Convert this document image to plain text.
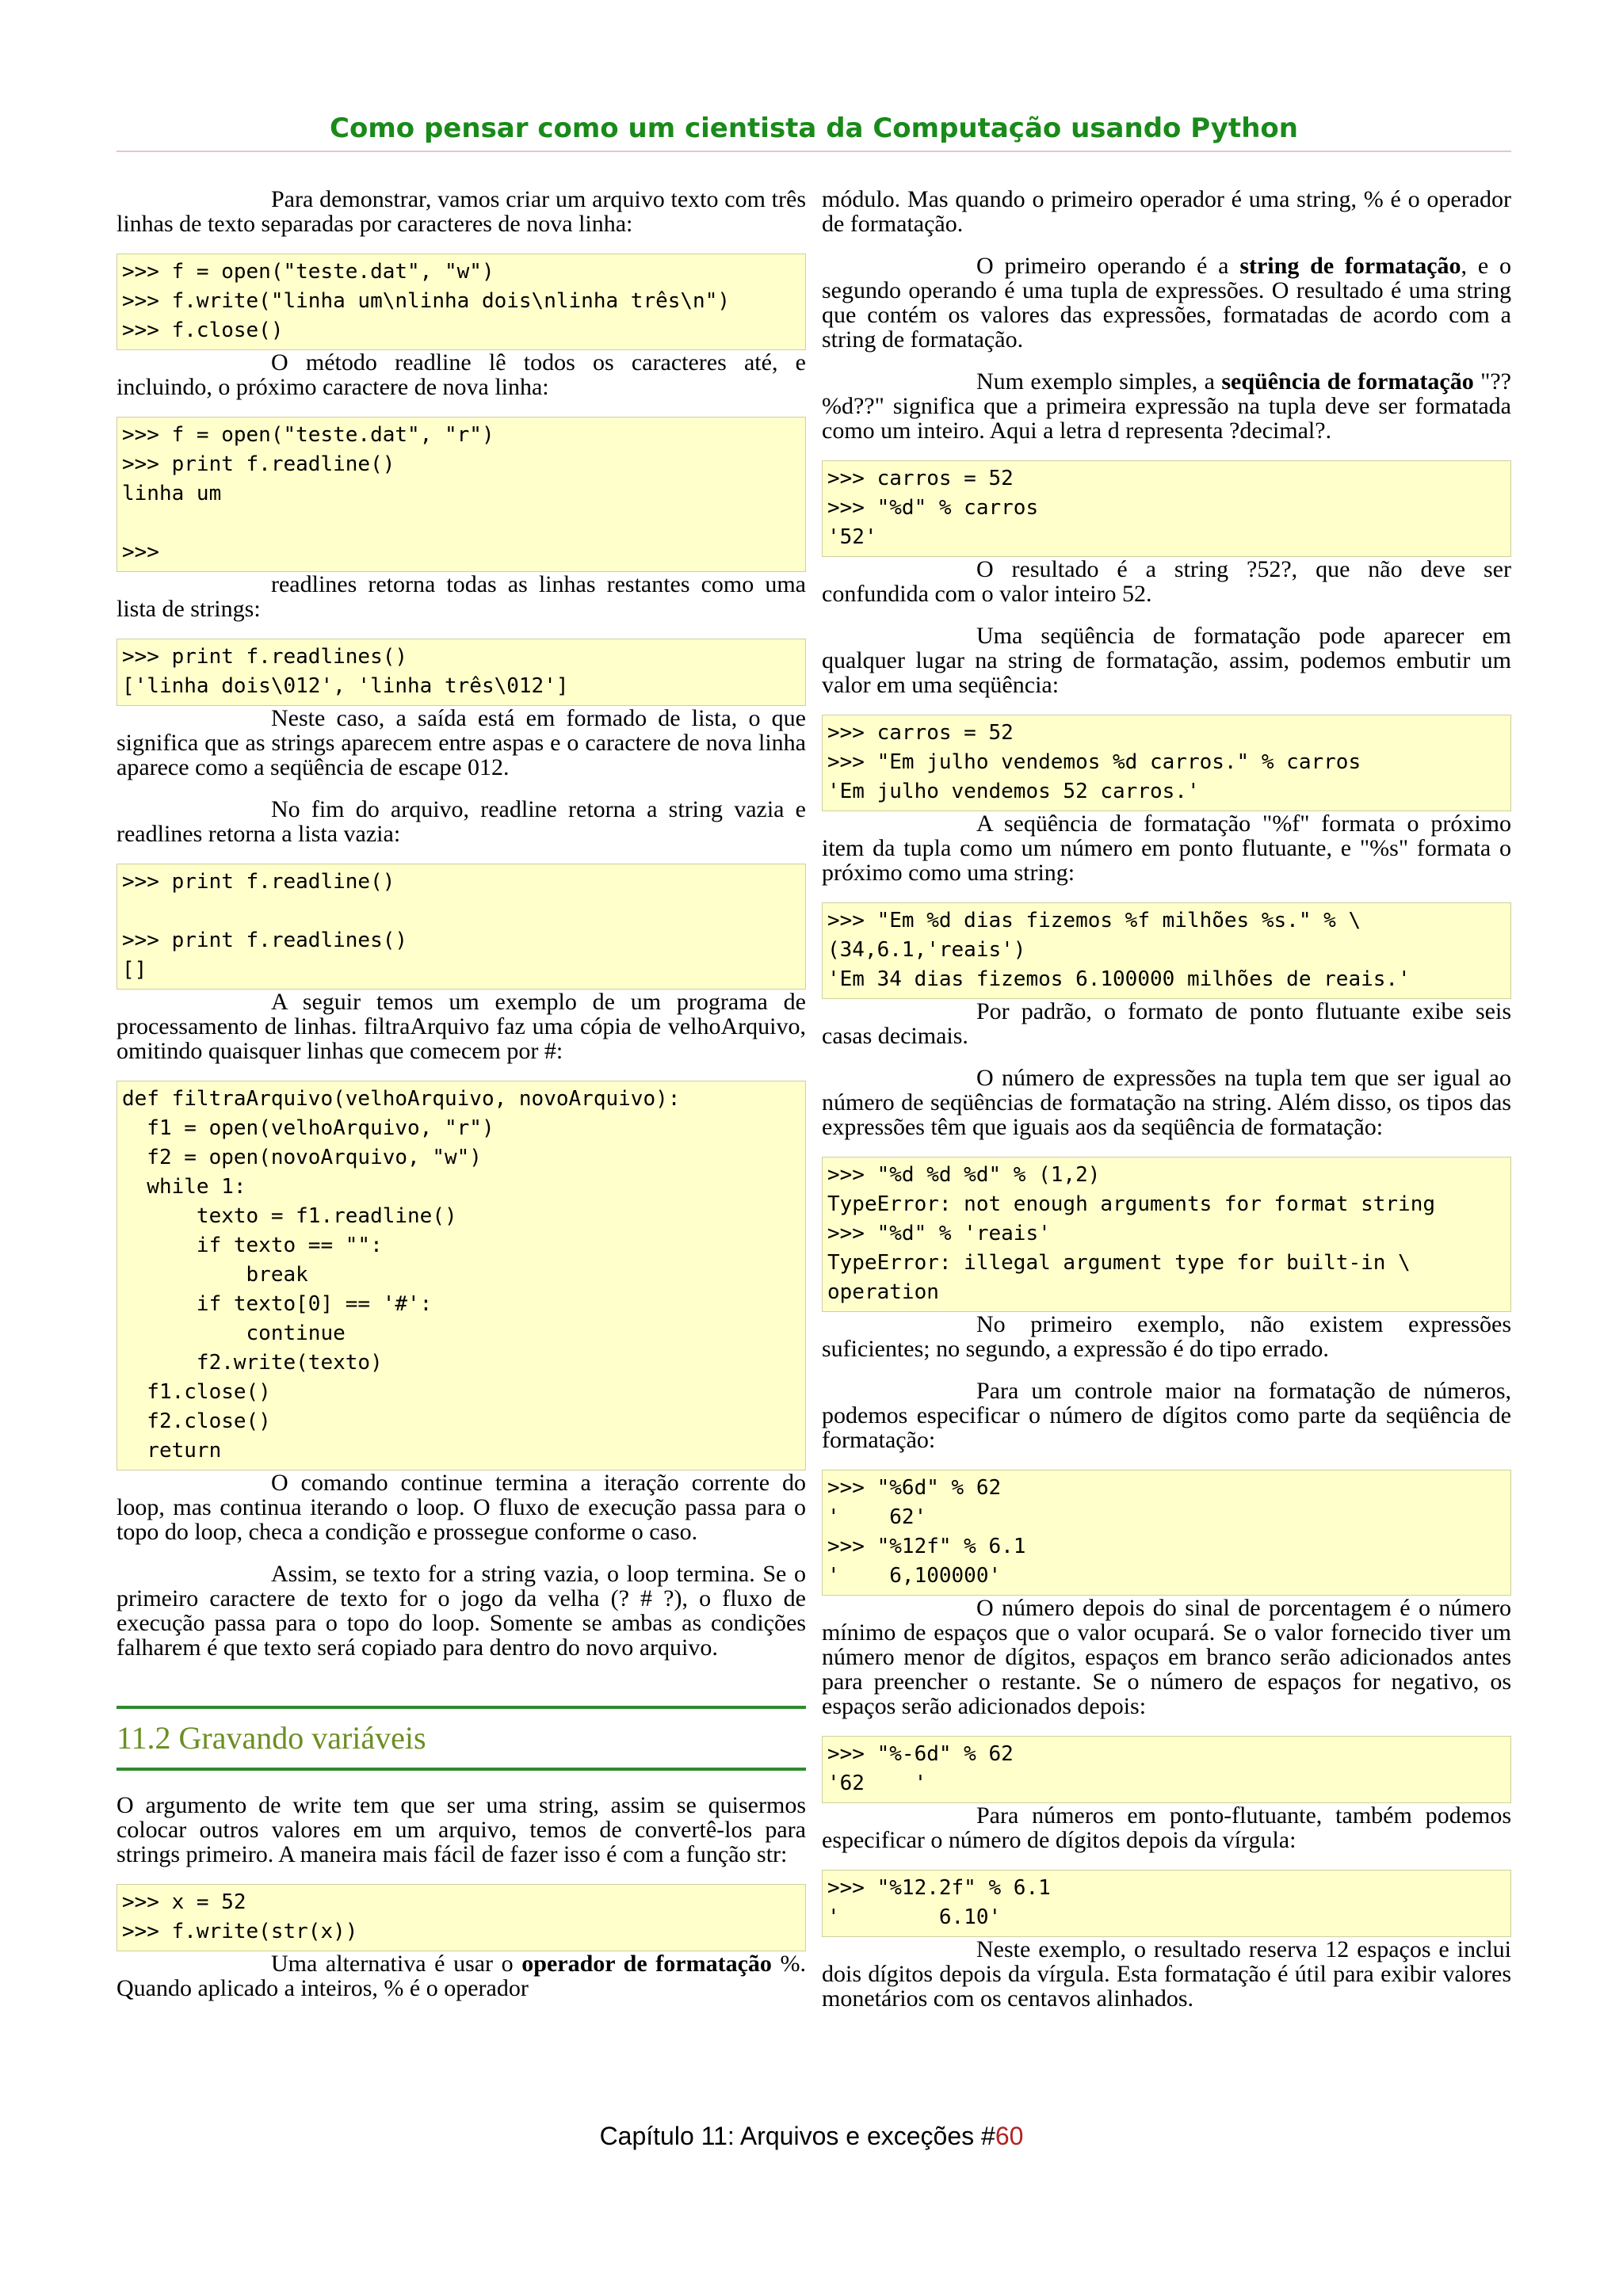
Como pensar como um cientista da Computação usando Python

Para demonstrar, vamos criar um arquivo texto com três linhas de texto separadas por caracteres de nova linha:

>>> f = open("teste.dat", "w")
>>> f.write("linha um\nlinha dois\nlinha três\n")
>>> f.close()

O método readline lê todos os caracteres até, e incluindo, o próximo caractere de nova linha:

>>> f = open("teste.dat", "r")
>>> print f.readline()
linha um

>>>

readlines retorna todas as linhas restantes como uma lista de strings:

>>> print f.readlines()
['linha dois\012', 'linha três\012']

Neste caso, a saída está em formado de lista, o que significa que as strings aparecem entre aspas e o caractere de nova linha aparece como a seqüência de escape 012.

No fim do arquivo, readline retorna a string vazia e readlines retorna a lista vazia:

>>> print f.readline()

>>> print f.readlines()
[]

A seguir temos um exemplo de um programa de processamento de linhas. filtraArquivo faz uma cópia de velhoArquivo, omitindo quaisquer linhas que comecem por #:

def filtraArquivo(velhoArquivo, novoArquivo):
f1 = open(velhoArquivo, "r")
f2 = open(novoArquivo, "w")
while 1:
texto = f1.readline()
if texto == "":
break
if texto[0] == '#':
continue
f2.write(texto)
f1.close()
f2.close()
return

O comando continue termina a iteração corrente do loop, mas continua iterando o loop. O fluxo de execução passa para o topo do loop, checa a condição e prossegue conforme o caso.

Assim, se texto for a string vazia, o loop termina. Se o primeiro caractere de texto for o jogo da velha (? # ?), o fluxo de execução passa para o topo do loop. Somente se ambas as condições falharem é que texto será copiado para dentro do novo arquivo.

11.2 Gravando variáveis

O argumento de write tem que ser uma string, assim se quisermos colocar outros valores em um arquivo, temos de convertê-los para strings primeiro. A maneira mais fácil de fazer isso é com a função str:

>>> x = 52
>>> f.write(str(x))

Uma alternativa é usar o operador de formatação %. Quando aplicado a inteiros, % é o operador

módulo. Mas quando o primeiro operador é uma string, % é o operador de formatação.

O primeiro operando é a string de formatação, e o segundo operando é uma tupla de expressões. O resultado é uma string que contém os valores das expressões, formatadas de acordo com a string de formatação.

Num exemplo simples, a seqüência de formatação "??%d??" significa que a primeira expressão na tupla deve ser formatada como um inteiro. Aqui a letra d representa ?decimal?.

>>> carros = 52
>>> "%d" % carros
'52'

O resultado é a string ?52?, que não deve ser confundida com o valor inteiro 52.

Uma seqüência de formatação pode aparecer em qualquer lugar na string de formatação, assim, podemos embutir um valor em uma seqüência:

>>> carros = 52
>>> "Em julho vendemos %d carros." % carros
'Em julho vendemos 52 carros.'

A seqüência de formatação "%f" formata o próximo item da tupla como um número em ponto flutuante, e "%s" formata o próximo como uma string:

>>> "Em %d dias fizemos %f milhões %s." % \
(34,6.1,'reais')
'Em 34 dias fizemos 6.100000 milhões de reais.'

Por padrão, o formato de ponto flutuante exibe seis casas decimais.

O número de expressões na tupla tem que ser igual ao número de seqüências de formatação na string. Além disso, os tipos das expressões têm que iguais aos da seqüência de formatação:

>>> "%d %d %d" % (1,2)
TypeError: not enough arguments for format string
>>> "%d" % 'reais'
TypeError: illegal argument type for built-in \
operation

No primeiro exemplo, não existem expressões suficientes; no segundo, a expressão é do tipo errado.

Para um controle maior na formatação de números, podemos especificar o número de dígitos como parte da seqüência de formatação:

>>> "%6d" % 62
'    62'
>>> "%12f" % 6.1
'    6,100000'

O número depois do sinal de porcentagem é o número mínimo de espaços que o valor ocupará. Se o valor fornecido tiver um número menor de dígitos, espaços em branco serão adicionados antes para preencher o restante. Se o número de espaços for negativo, os espaços serão adicionados depois:

>>> "%-6d" % 62
'62    '

Para números em ponto-flutuante, também podemos especificar o número de dígitos depois da vírgula:

>>> "%12.2f" % 6.1
'        6.10'

Neste exemplo, o resultado reserva 12 espaços e inclui dois dígitos depois da vírgula. Esta formatação é útil para exibir valores monetários com os centavos alinhados.

Capítulo 11: Arquivos e exceções #60
